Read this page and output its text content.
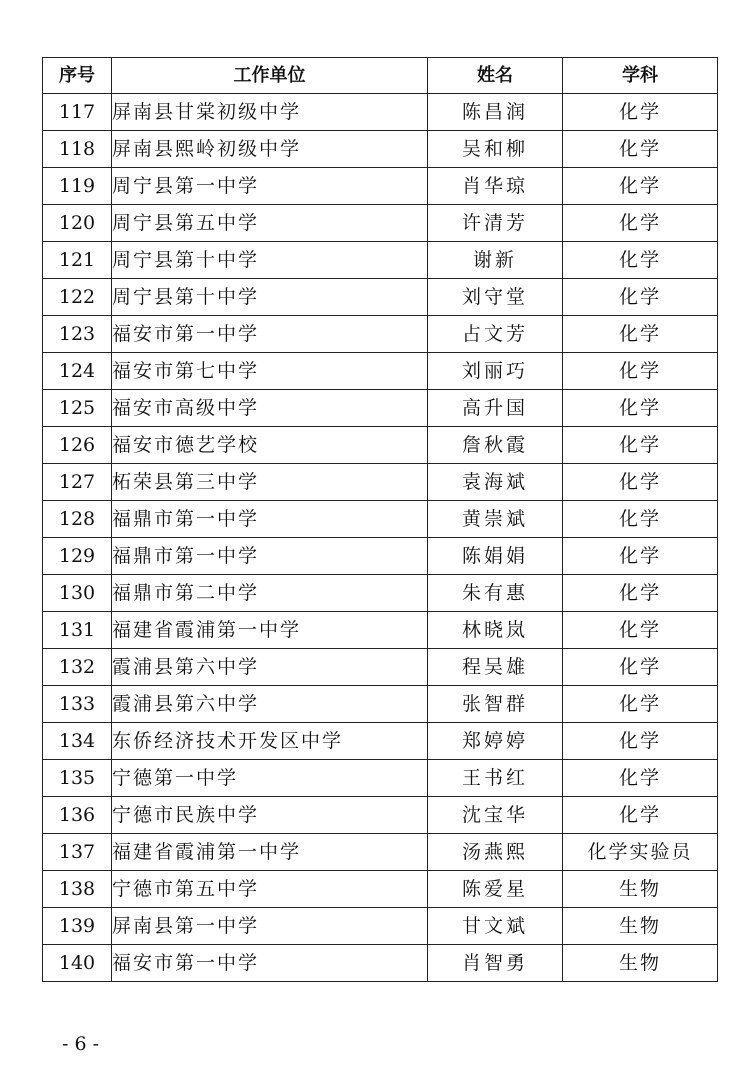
序号	工作单位	姓名	学科
117	屏南县甘棠初级中学	陈昌润	化学
118	屏南县熙岭初级中学	吴和柳	化学
119	周宁县第一中学	肖华琼	化学
120	周宁县第五中学	许清芳	化学
121	周宁县第十中学	谢新	化学
122	周宁县第十中学	刘守堂	化学
123	福安市第一中学	占文芳	化学
124	福安市第七中学	刘丽巧	化学
125	福安市高级中学	高升国	化学
126	福安市德艺学校	詹秋霞	化学
127	柘荣县第三中学	袁海斌	化学
128	福鼎市第一中学	黄崇斌	化学
129	福鼎市第一中学	陈娟娟	化学
130	福鼎市第二中学	朱有惠	化学
131	福建省霞浦第一中学	林晓岚	化学
132	霞浦县第六中学	程吴雄	化学
133	霞浦县第六中学	张智群	化学
134	东侨经济技术开发区中学	郑婷婷	化学
135	宁德第一中学	王书红	化学
136	宁德市民族中学	沈宝华	化学
137	福建省霞浦第一中学	汤燕熙	化学实验员
138	宁德市第五中学	陈爱星	生物
139	屏南县第一中学	甘文斌	生物
140	福安市第一中学	肖智勇	生物
- 6 -
